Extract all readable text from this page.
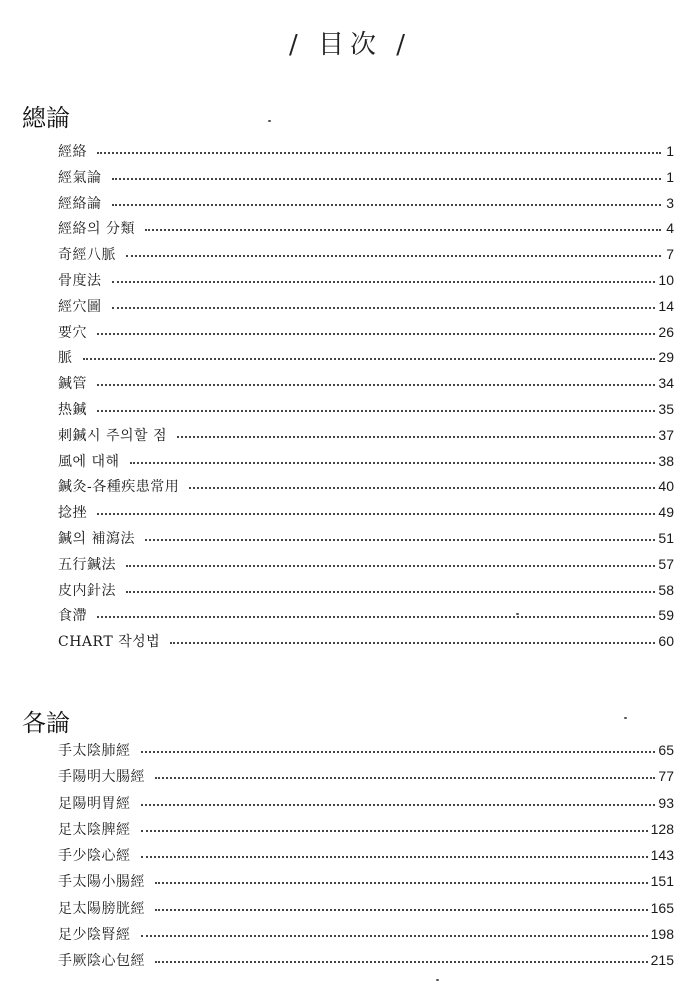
/ 目次 /
總論
經絡	1
經氣論	1
經絡論	3
經絡의 分類	4
奇經八脈	7
骨度法	10
經穴圖	14
要穴	26
脈	29
鍼管	34
热鍼	35
刺鍼시 주의할 점	37
風에 대해	38
鍼灸-各種疾患常用	40
捻挫	49
鍼의 補瀉法	51
五行鍼法	57
皮内針法	58
食滯	59
CHART 작성법	60
各論
手太陰肺經	65
手陽明大腸經	77
足陽明胃經	93
足太陰脾經	128
手少陰心經	143
手太陽小腸經	151
足太陽膀胱經	165
足少陰腎經	198
手厥陰心包經	215
